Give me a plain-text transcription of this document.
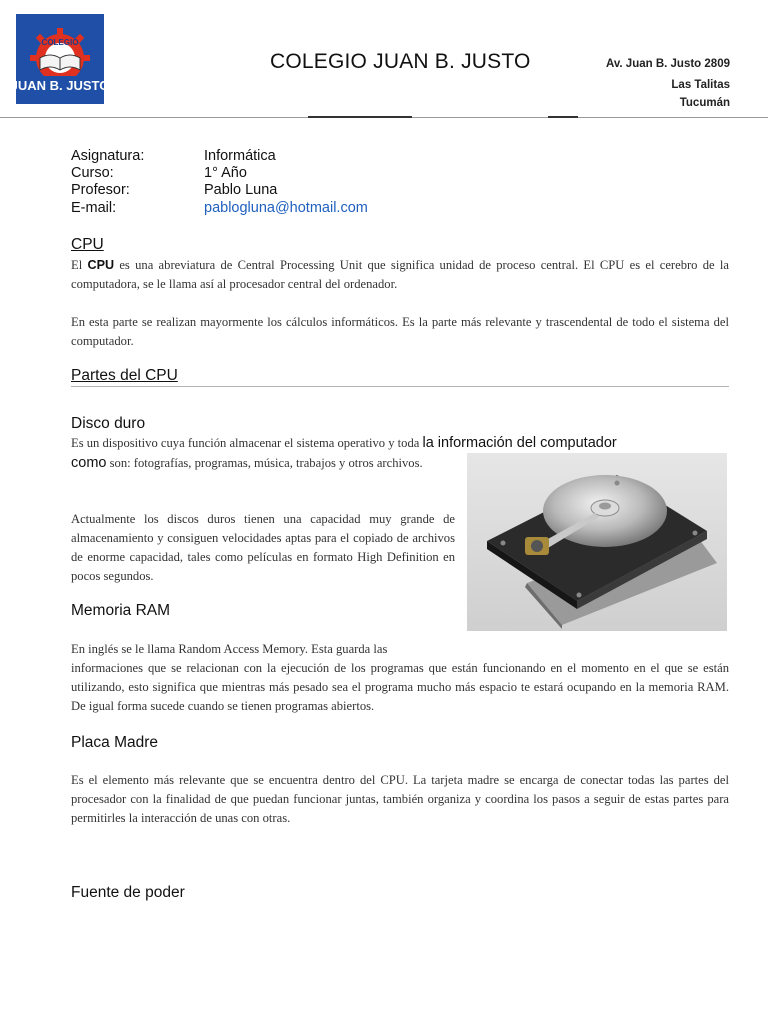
COLEGIO
JUAN B. JUSTO
COLEGIO JUAN B. JUSTO	Av. Juan B. Justo 2809
Las Talitas
Tucumán
Asignatura:	Informática
Curso:	1° Año
Profesor:	Pablo Luna
E-mail:	pablogluna@hotmail.com
CPU
El CPU es una abreviatura de Central Processing Unit que significa unidad de proceso central. El CPU es el cerebro de la computadora, se le llama así al procesador central del ordenador.
En esta parte se realizan mayormente los cálculos informáticos. Es la parte más relevante y trascendental de todo el sistema del computador.
Partes del CPU
Disco duro
Es un dispositivo cuya función almacenar el sistema operativo y toda la información del computador
como son: fotografías, programas, música, trabajos y otros archivos.
Actualmente los discos duros tienen una capacidad muy grande de almacenamiento y consiguen velocidades aptas para el copiado de archivos de enorme capacidad, tales como películas en formato High Definition en pocos segundos.
Memoria RAM
En inglés se le llama Random Access Memory. Esta guarda las
informaciones que se relacionan con la ejecución de los programas que están funcionando en el momento en el que se están utilizando, esto significa que mientras más pesado sea el programa mucho más espacio te estará ocupando en la memoria RAM. De igual forma sucede cuando se tienen programas abiertos.
Placa Madre
Es el elemento más relevante que se encuentra dentro del CPU. La tarjeta madre se encarga de conectar todas las partes del procesador con la finalidad de que puedan funcionar juntas, también organiza y coordina los pasos a seguir de estas partes para permitirles la interacción de unas con otras.
Fuente de poder
